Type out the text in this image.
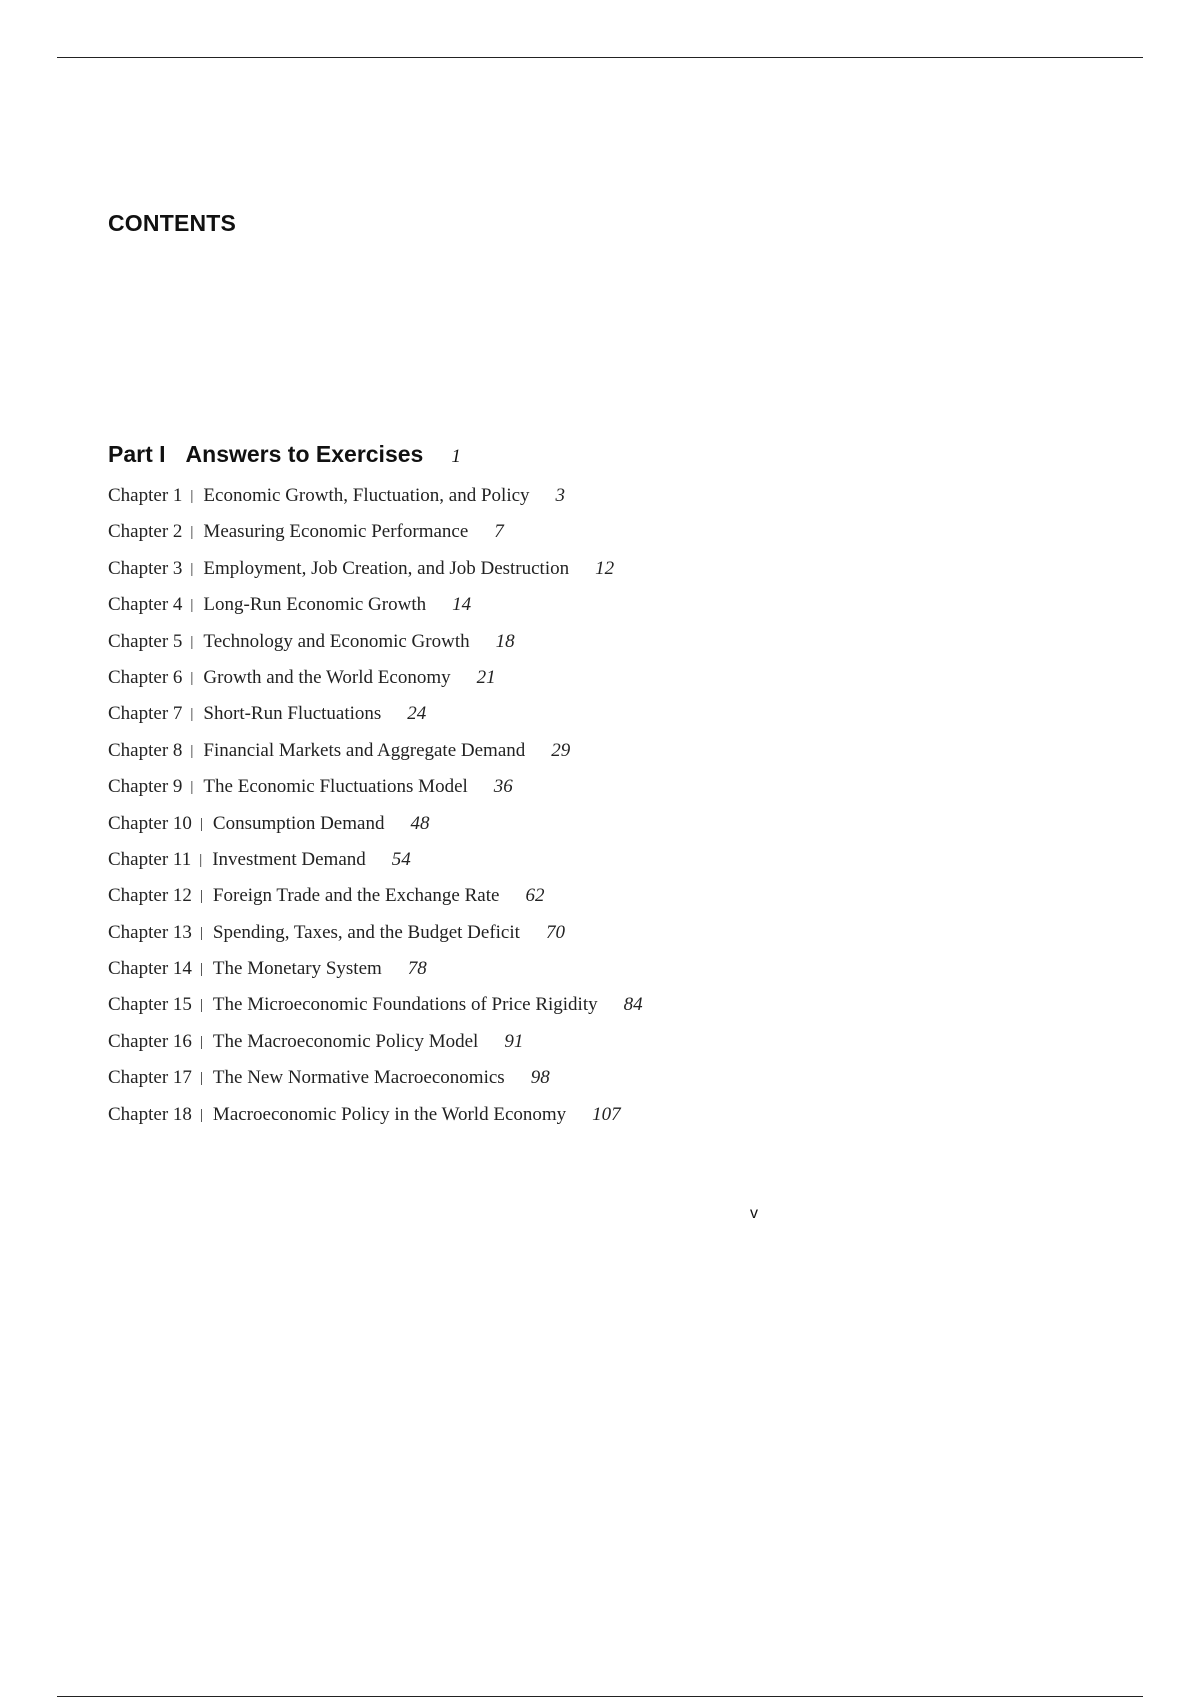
CONTENTS
Part I Answers to Exercises 1
Chapter 1 | Economic Growth, Fluctuation, and Policy 3
Chapter 2 | Measuring Economic Performance 7
Chapter 3 | Employment, Job Creation, and Job Destruction 12
Chapter 4 | Long-Run Economic Growth 14
Chapter 5 | Technology and Economic Growth 18
Chapter 6 | Growth and the World Economy 21
Chapter 7 | Short-Run Fluctuations 24
Chapter 8 | Financial Markets and Aggregate Demand 29
Chapter 9 | The Economic Fluctuations Model 36
Chapter 10 | Consumption Demand 48
Chapter 11 | Investment Demand 54
Chapter 12 | Foreign Trade and the Exchange Rate 62
Chapter 13 | Spending, Taxes, and the Budget Deficit 70
Chapter 14 | The Monetary System 78
Chapter 15 | The Microeconomic Foundations of Price Rigidity 84
Chapter 16 | The Macroeconomic Policy Model 91
Chapter 17 | The New Normative Macroeconomics 98
Chapter 18 | Macroeconomic Policy in the World Economy 107
v
